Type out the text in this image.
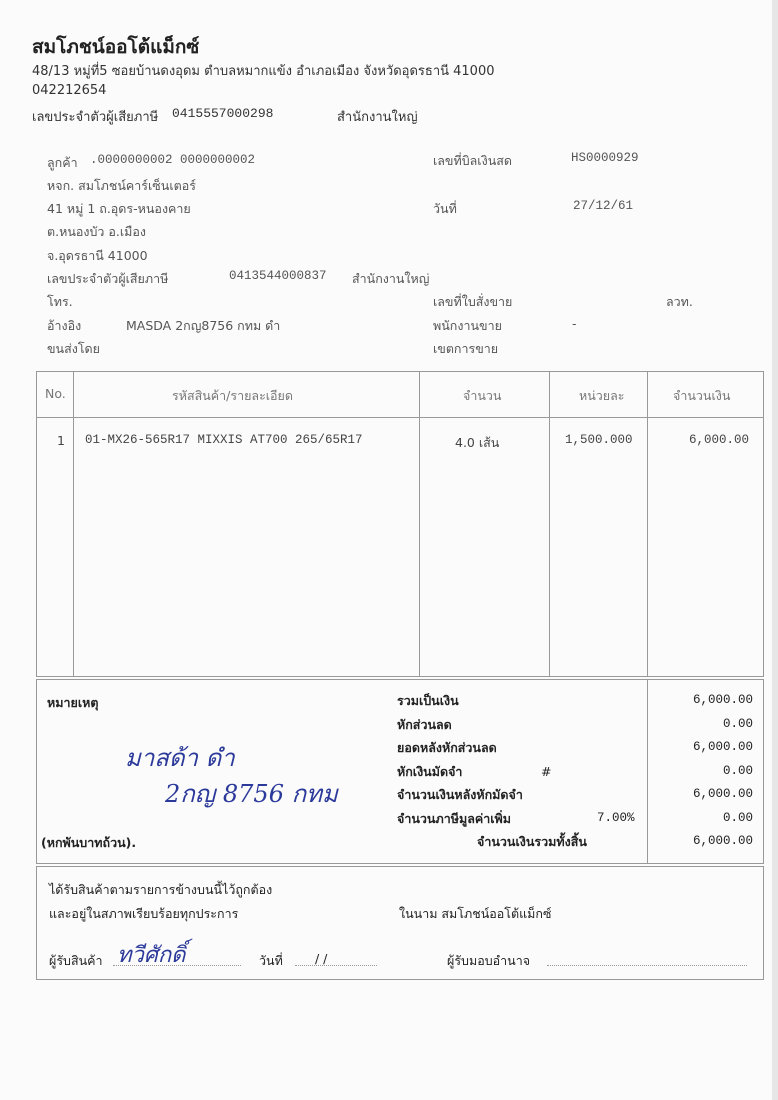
สมโภชน์ออโต้แม็กซ์
48/13 หมู่ที่5 ซอยบ้านดงอุดม ตำบลหมากแข้ง อำเภอเมือง จังหวัดอุดรธานี 41000
042212654
เลขประจำตัวผู้เสียภาษี 0415557000298	สำนักงานใหญ่
ลูกค้า .0000000002 0000000002
หจก. สมโภชน์คาร์เซ็นเตอร์
41 หมู่ 1 ถ.อุดร-หนองคาย
ต.หนองบัว อ.เมือง
จ.อุดรธานี 41000
เลขประจำตัวผู้เสียภาษี	0413544000837 สำนักงานใหญ่
โทร.
อ้างอิง	MASDA 2กญ8756 กทม ดำ
ขนส่งโดย
เลขที่บิลเงินสด	HS0000929
วันที่	27/12/61
เลขที่ใบสั่งขาย	ลวท.
พนักงานขาย	-
เขตการขาย
No.	รหัสสินค้า/รายละเอียด	จำนวน	หน่วยละ	จำนวนเงิน
1 01-MX26-565R17 MIXXIS AT700 265/65R17	4.0 เส้น	1,500.000	6,000.00
หมายเหตุ	รวมเป็นเงิน	6,000.00
หักส่วนลด	0.00
ยอดหลังหักส่วนลด	6,000.00
หักเงินมัดจำ	#	0.00
จำนวนเงินหลังหักมัดจำ	6,000.00
จำนวนภาษีมูลค่าเพิ่ม	7.00%	0.00
(หกพันบาทถ้วน).	จำนวนเงินรวมทั้งสิ้น	6,000.00
มาสด้า ดำ
2กญ 8756 กทม
ได้รับสินค้าตามรายการข้างบนนี้ไว้ถูกต้อง
และอยู่ในสภาพเรียบร้อยทุกประการ	ในนาม สมโภชน์ออโต้แม็กซ์
ผู้รับสินค้า ทวีศักดิ์	วันที่	/ /	ผู้รับมอบอำนาจ
